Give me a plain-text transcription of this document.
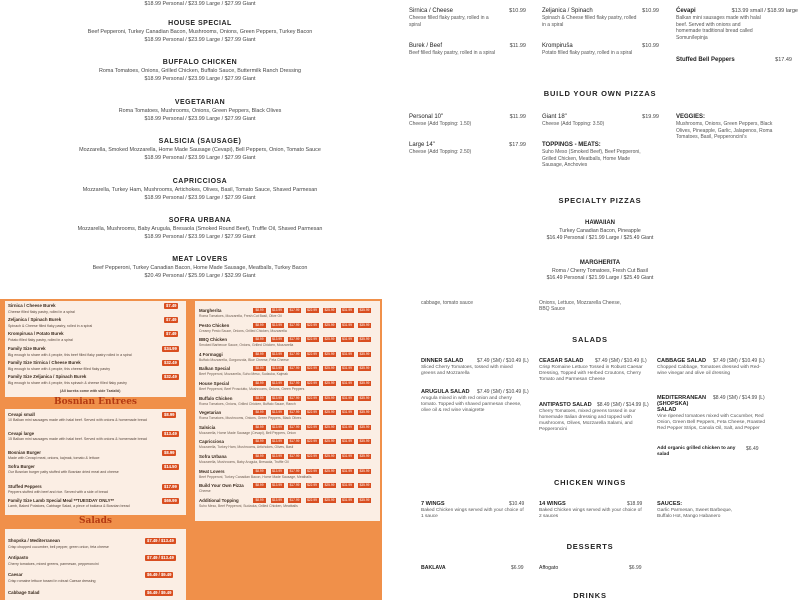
$18.99 Personal / $23.99 Large / $27.99 Giant
HOUSE SPECIAL
Beef Pepperoni, Turkey Canadian Bacon, Mushrooms, Onions, Green Peppers, Turkey Bacon
$18.99 Personal / $23.99 Large / $27.99 Giant
BUFFALO CHICKEN
Roma Tomatoes, Onions, Grilled Chicken, Buffalo Sauce, Buttermilk Ranch Dressing
$18.99 Personal / $23.99 Large / $27.99 Giant
VEGETARIAN
Roma Tomatoes, Mushrooms, Onions, Green Peppers, Black Olives
$18.99 Personal / $23.99 Large / $27.99 Giant
SALSICIA (SAUSAGE)
Mozzarella, Smoked Mozzarella, Home Made Sausage (Cevapi), Bell Peppers, Onion, Tomato Sauce
$18.99 Personal / $23.99 Large / $27.99 Giant
CAPRICCIOSA
Mozzarella, Turkey Ham, Mushrooms, Artichokes, Olives, Basil, Tomato Sauce, Shaved Parmesan
$18.99 Personal / $23.99 Large / $27.99 Giant
SOFRA URBANA
Mozzarella, Mushrooms, Baby Arugula, Bresaola (Smoked Round Beef), Truffle Oil, Shaved Parmesan
$18.99 Personal / $23.99 Large / $27.99 Giant
MEAT LOVERS
Beef Pepperoni, Turkey Canadian Bacon, Home Made Sausage, Meatballs, Turkey Bacon
$20.49 Personal / $25.99 Large / $32.99 Giant
Sirnica / Cheese
Cheese filled flaky pastry, rolled in a spiral
$10.99
Burek / Beef
Beef filled flaky pastry, rolled in a spiral
$11.99
Zeljanica / Spinach
Spinach & Cheese filled flaky pastry, rolled in a spiral
$10.99
Krompiruša
Potato filled flaky pastry, rolled in a spiral
$10.99
Ćevapi
Balkan mini sausages made with halal beef. Served with onions and homemade traditional bread called Somun/lepinja
$13.99 small / $18.99 large
Stuffed Bell Peppers	$17.49
BUILD YOUR OWN PIZZAS
Personal 10"
Cheese (Add Topping: 1.50)
$11.99
Large 14"
Cheese (Add Topping: 2.50)
$17.99
Giant 18"
Cheese (Add Topping: 3.50)
$19.99
TOPPINGS - MEATS:
Suho Meso (Smoked Beef), Beef Pepperoni, Grilled Chicken, Meatballs, Home Made Sausage, Anchovies
VEGGIES:
Mushrooms, Onions, Green Peppers, Black Olives, Pineapple, Garlic, Jalapenos, Roma Tomatoes, Basil, Pepperoncini's
SPECIALTY PIZZAS
HAWAIIAN
Turkey Canadian Bacon, Pineapple
$16.49 Personal / $21.99 Large / $25.49 Giant
MARGHERITA
Roma / Cherry Tomatoes, Fresh Cut Basil
$16.49 Personal / $21.99 Large / $25.49 Giant
Sirnica / Cheese Burek
Cheese filled flaky pastry, rolled in a spiral
$7.49
Zeljanica / Spinach Burek
Spinach & Cheese filled flaky pastry, rolled in a spiral
$7.49
Krompirusa / Potato Burek
Potato filled flaky pastry, rolled in a spiral
$7.49
Family Size Burek
Big enough to share with 4 people, this beef filled flaky pastry rolled in a spiral
$34.99
Family Size Sirnica / Cheese Burek
Big enough to share with 4 people, this cheese filled flaky pastry
$32.49
Family Size Zeljanica / Spinach Burek
Big enough to share with 4 people, this spinach & cheese filled flaky pastry
$32.49
(All bureks come with side Tzatziki)
Bosnian Entrees
Cevapi small
10 Balkan mini sausages made with halal beef. Served with onions & homemade bread
$8.99
Cevapi large
15 Balkan mini sausages made with halal beef. Served with onions & homemade bread
$13.49
Bosnian Burger
Made with Cevapi meat, onions, kajmak, tomato & lettuce
$8.99
Sofra Burger
Our Bosnian burger patty stuffed with Bosnian dried meat and cheese
$14.50
Stuffed Peppers
Peppers stuffed with beef and rice. Served with a side of bread
$17.99
Family Size Lamb Special Meal **TUESDAY ONLY**
Lamb, Baked Potatoes, Cabbage Salad, a piece of baklava & Bosnian bread
$69.99
Salads
Shopska / Mediterranean
Crisp chopped cucumber, bell pepper, green onion, feta cheese
$7.49 / $13.49
Antipasto
Cherry tomatoes, mixed greens, parmesan, pepperoncini
$7.49 / $13.49
Caesar
Crisp romaine lettuce tossed in robust Caesar dressing
$6.49 / $9.49
Cabbage Salad	$6.49 / $9.49
Margherita
Roma Tomatoes, Mozzarella, Fresh Cut Basil, Olive Oil
$8.99	$13.99	$17.99	$22.99	$25.99	$31.99	$35.99
Pesto Chicken
Creamy Pesto Sauce, Onions, Grilled Chicken, Mozzarella
$8.99	$13.99	$17.99	$22.99	$25.99	$31.99	$35.99
BBQ Chicken
Smoked Barbecue Sauce, Onions, Grilled Chicken, Mozzarella
$8.99	$13.99	$17.99	$22.99	$25.99	$31.99	$35.99
4 Formaggi
Buffalo Mozzarella, Gorgonzola, Blue Cheese, Feta Cheese
$8.99	$13.99	$17.99	$22.99	$25.99	$31.99	$35.99
Balkan Special
Beef Pepperoni, Mozzarella, Suho Meso, Sudzuka, Kajmak
$8.99	$13.99	$17.99	$22.99	$25.99	$31.99	$35.99
House Special
Beef Pepperoni, Beef Prosciutto, Mushrooms, Onions, Green Peppers
$8.99	$13.99	$17.99	$22.99	$25.99	$31.99	$35.99
Buffalo Chicken
Roma Tomatoes, Onions, Grilled Chicken, Buffalo Sauce, Ranch
$8.99	$13.99	$17.99	$22.99	$25.99	$31.99	$35.99
Vegetarian
Roma Tomatoes, Mushrooms, Onions, Green Peppers, Black Olives
$8.99	$13.99	$17.99	$22.99	$25.99	$31.99	$35.99
Salsicia
Mozzarella, Home Made Sausage (Cevapi), Bell Peppers, Onion
$8.99	$13.99	$17.99	$22.99	$25.99	$31.99	$35.99
Capricciosa
Mozzarella, Turkey Ham, Mushrooms, Artichokes, Olives, Basil
$8.99	$13.99	$17.99	$22.99	$25.99	$31.99	$35.99
Sofra Urbana
Mozzarella, Mushrooms, Baby Arugula, Bresaola, Truffle Oil
$8.99	$13.99	$17.99	$22.99	$25.99	$31.99	$35.99
Meat Lovers
Beef Pepperoni, Turkey Canadian Bacon, Home Made Sausage, Meatballs
$8.99	$13.99	$17.99	$22.99	$25.99	$31.99	$35.99
Build Your Own Pizza
Cheese
$8.99	$13.99	$17.99	$22.99	$25.99	$31.99	$35.99
Additional Topping
Suho Meso, Beef Pepperoni, Sudzuka, Grilled Chicken, Meatballs
$8.99	$13.99	$17.99	$22.99	$25.99	$31.99	$35.99
cabbage, tomato sauce	Onions, Lettuce, Mozzarella Cheese, BBQ Sauce
SALADS
DINNER SALAD	$7.49 (SM) / $10.49 (L)
Sliced Cherry Tomatoes, tossed with mixed greens and Mozzarella
ARUGULA SALAD	$7.49 (SM) / $10.49 (L)
Arugula mixed in with red onion and cherry tomato. Topped with shaved parmesan cheese, olive oil & red wine vinaigrette
CEASAR SALAD	$7.49 (SM) / $10.49 (L)
Crisp Romaine Lettuce Tossed in Robust Caesar Dressing, Topped with Herbed Croutons, Cherry Tomato and Parmesan Cheese
ANTIPASTO SALAD	$8.49 (SM) / $14.99 (L)
Cherry Tomatoes, mixed greens tossed in our homemade Italian dressing and topped with mushrooms, Olives, Mozzarella Salami, and Pepperoncini
CABBAGE SALAD	$7.49 (SM) / $10.49 (L)
Chopped Cabbage, Tomatoes dressed with Red-wine vinegar and olive oil dressing
MEDITERRANEAN (SHOPSKA) SALAD
$8.49 (SM) / $14.99 (L)
Vine ripened tomatoes mixed with Cucumber, Red Onion, Green Bell Peppers, Feta Cheese, Roasted Red Pepper Strips, Canola Oil, Salt, and Pepper
Add organic grilled chicken to any salad
$6.49
CHICKEN WINGS
7 WINGS	$10.49
Baked Chicken wings served with your choice of 1 sauce
14 WINGS	$18.99
Baked Chicken wings served with your choice of 2 sauces
SAUCES:
Garlic Parmesan, Sweet Barbeque, Buffalo Hot, Mango Habanero
DESSERTS
BAKLAVA	$6.99	Affogato	$6.99
DRINKS
